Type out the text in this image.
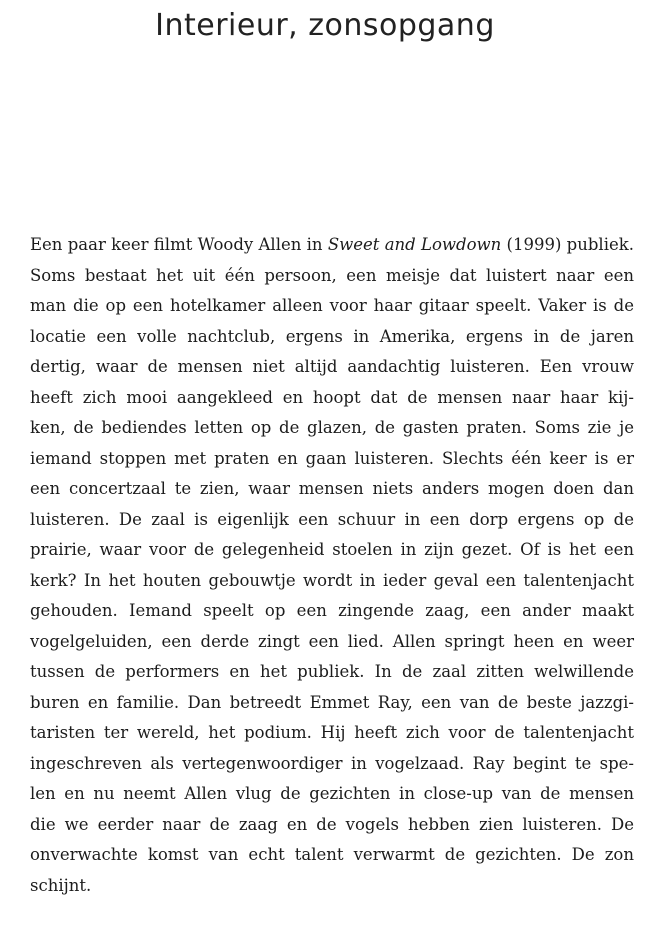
Interieur, zonsopgang
Een paar keer filmt Woody Allen in Sweet and Lowdown (1999) publiek.
Soms bestaat het uit één persoon, een meisje dat luistert naar een
man die op een hotelkamer alleen voor haar gitaar speelt. Vaker is de
locatie een volle nachtclub, ergens in Amerika, ergens in de jaren
dertig, waar de mensen niet altijd aandachtig luisteren. Een vrouw
heeft zich mooi aangekleed en hoopt dat de mensen naar haar kij-
ken, de bediendes letten op de glazen, de gasten praten. Soms zie je
iemand stoppen met praten en gaan luisteren. Slechts één keer is er
een concertzaal te zien, waar mensen niets anders mogen doen dan
luisteren. De zaal is eigenlijk een schuur in een dorp ergens op de
prairie, waar voor de gelegenheid stoelen in zijn gezet. Of is het een
kerk? In het houten gebouwtje wordt in ieder geval een talentenjacht
gehouden. Iemand speelt op een zingende zaag, een ander maakt
vogelgeluiden, een derde zingt een lied. Allen springt heen en weer
tussen de performers en het publiek. In de zaal zitten welwillende
buren en familie. Dan betreedt Emmet Ray, een van de beste jazzgi-
taristen ter wereld, het podium. Hij heeft zich voor de talentenjacht
ingeschreven als vertegenwoordiger in vogelzaad. Ray begint te spe-
len en nu neemt Allen vlug de gezichten in close-up van de mensen
die we eerder naar de zaag en de vogels hebben zien luisteren. De
onverwachte komst van echt talent verwarmt de gezichten. De zon
schijnt.
